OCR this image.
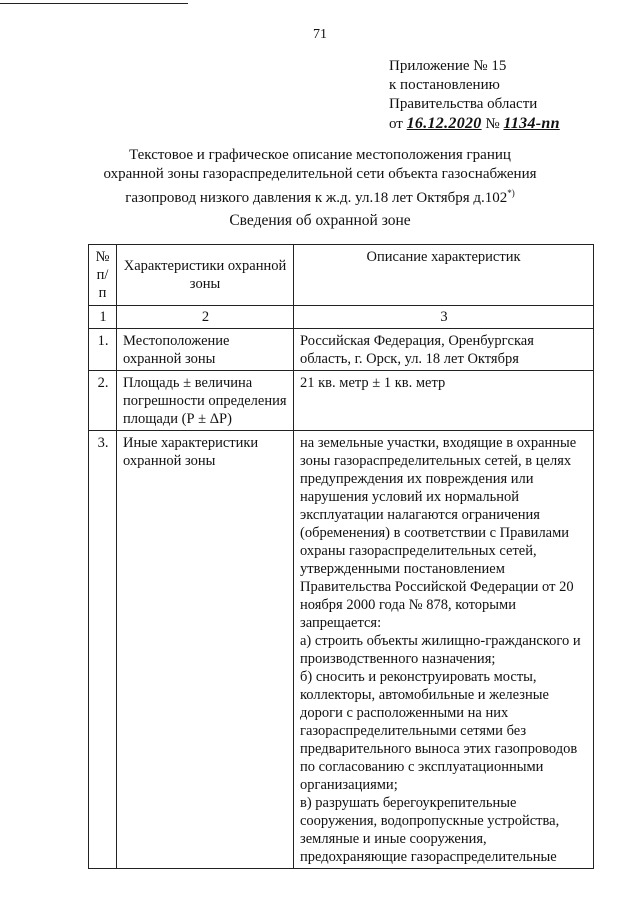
71
Приложение № 15
к постановлению
Правительства области
от 16.12.2020 № 1134-пп
Текстовое и графическое описание местоположения границ
охранной зоны газораспределительной сети объекта газоснабжения
газопровод низкого давления к ж.д. ул.18 лет Октября д.102*)
Сведения об охранной зоне
№ п/п	Характеристики охранной зоны	Описание характеристик
1	2	3
1.	Местоположение охранной зоны	Российская Федерация, Оренбургская область, г. Орск, ул. 18 лет Октября
2.	Площадь ± величина погрешности определения площади (Р ± ΔР)	21 кв. метр ± 1 кв. метр
3.	Иные характеристики охранной зоны	на земельные участки, входящие в охранные зоны газораспределительных сетей, в целях предупреждения их повреждения или нарушения условий их нормальной эксплуатации налагаются ограничения (обременения) в соответствии с Правилами охраны газораспределительных сетей, утвержденными постановлением Правительства Российской Федерации от 20 ноября 2000 года № 878, которыми запрещается:
а) строить объекты жилищно-гражданского и производственного назначения;
б) сносить и реконструировать мосты, коллекторы, автомобильные и железные дороги с расположенными на них газораспределительными сетями без предварительного выноса этих газопроводов по согласованию с эксплуатационными организациями;
в) разрушать берегоукрепительные сооружения, водопропускные устройства, земляные и иные сооружения, предохраняющие газораспределительные
